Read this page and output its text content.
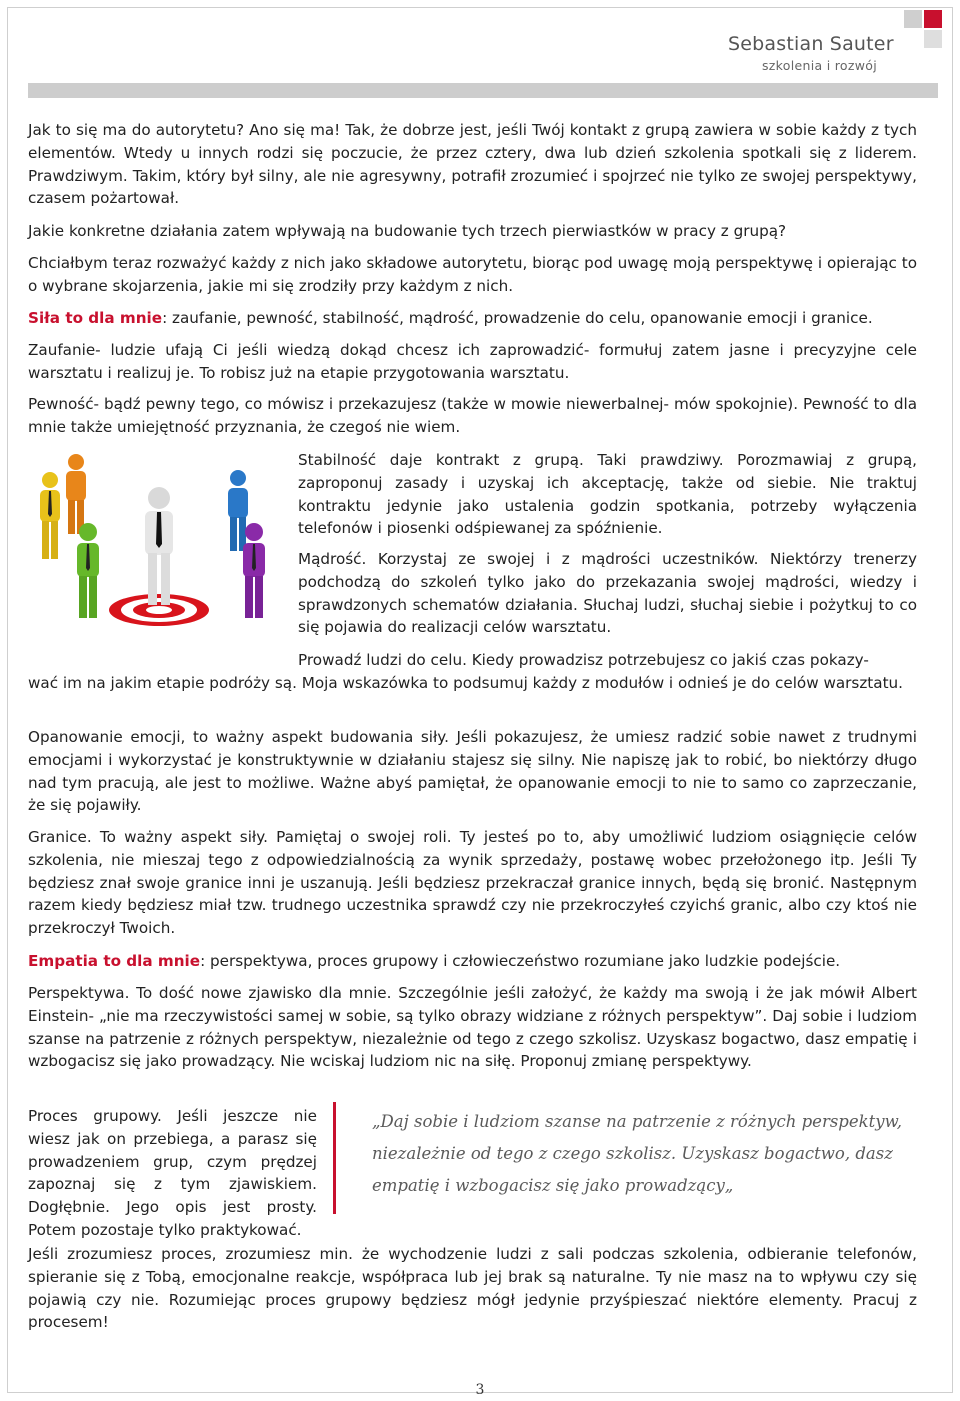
Sebastian Sauter
szkolenia i rozwój

Jak to się ma do autorytetu? Ano się ma! Tak, że dobrze jest, jeśli Twój kontakt z grupą zawiera w sobie każdy z tych elementów. Wtedy u innych rodzi się poczucie, że przez cztery, dwa lub dzień szkolenia spotkali się z liderem. Prawdziwym. Takim, który był silny, ale nie agresywny, potrafił zrozumieć i spojrzeć nie tylko ze swojej perspektywy, czasem pożartował.

Jakie konkretne działania zatem wpływają na budowanie tych trzech pierwiastków w pracy z grupą?

Chciałbym teraz rozważyć każdy z nich jako składowe autorytetu, biorąc pod uwagę moją perspektywę i opierając to o wybrane skojarzenia, jakie mi się zrodziły przy każdym z nich.

Siła to dla mnie: zaufanie, pewność, stabilność, mądrość, prowadzenie do celu, opanowanie emocji i granice.

Zaufanie- ludzie ufają Ci jeśli wiedzą dokąd chcesz ich zaprowadzić- formułuj zatem jasne i precyzyjne cele warsztatu i realizuj je. To robisz już na etapie przygotowania warsztatu.

Pewność- bądź pewny tego, co mówisz i przekazujesz (także w mowie niewerbalnej- mów spokojnie). Pewność to dla mnie także umiejętność przyznania, że czegoś nie wiem.

Stabilność daje kontrakt z grupą. Taki prawdziwy. Porozmawiaj z grupą, zaproponuj zasady i uzyskaj ich akceptację, także od siebie. Nie traktuj kontraktu jedynie jako ustalenia godzin spotkania, potrzeby wyłączenia telefonów i piosenki odśpiewanej za spóźnienie.

Mądrość. Korzystaj ze swojej i z mądrości uczestników. Niektórzy trenerzy podchodzą do szkoleń tylko jako do przekazania swojej mądrości, wiedzy i sprawdzonych schematów działania. Słuchaj ludzi, słuchaj siebie i pożytkuj to co się pojawia do realizacji celów warsztatu.

Prowadź ludzi do celu. Kiedy prowadzisz potrzebujesz co jakiś czas pokazy-

wać im na jakim etapie podróży są. Moja wskazówka to podsumuj każdy z modułów i odnieś je do celów warsztatu.

Opanowanie emocji, to ważny aspekt budowania siły. Jeśli pokazujesz, że umiesz radzić sobie nawet z trudnymi emocjami i wykorzystać je konstruktywnie w działaniu stajesz się silny. Nie napiszę jak to robić, bo niektórzy długo nad tym pracują, ale jest to możliwe. Ważne abyś pamiętał, że opanowanie emocji to nie to samo co zaprzeczanie, że się pojawiły.

Granice. To ważny aspekt siły. Pamiętaj o swojej roli. Ty jesteś po to, aby umożliwić ludziom osiągnięcie celów szkolenia, nie mieszaj tego z odpowiedzialnością za wynik sprzedaży, postawę wobec przełożonego itp. Jeśli Ty będziesz znał swoje granice inni je uszanują. Jeśli będziesz przekraczał granice innych, będą się bronić. Następnym razem kiedy będziesz miał tzw. trudnego uczestnika sprawdź czy nie przekroczyłeś czyichś granic, albo czy ktoś nie przekroczył Twoich.

Empatia to dla mnie: perspektywa, proces grupowy i człowieczeństwo rozumiane jako ludzkie podejście.

Perspektywa. To dość nowe zjawisko dla mnie. Szczególnie jeśli założyć, że każdy ma swoją i że jak mówił Albert Einstein- „nie ma rzeczywistości samej w sobie, są tylko obrazy widziane z różnych perspektyw”. Daj sobie i ludziom szanse na patrzenie z różnych perspektyw, niezależnie od tego z czego szkolisz. Uzyskasz bogactwo, dasz empatię i wzbogacisz się jako prowadzący. Nie wciskaj ludziom nic na siłę. Proponuj zmianę perspektywy.

Proces grupowy. Jeśli jeszcze nie wiesz jak on przebiega, a parasz się prowadzeniem grup, czym prędzej zapoznaj się z tym zjawiskiem. Dogłębnie. Jego opis jest prosty. Potem pozostaje tylko praktykować.

„Daj sobie i ludziom szanse na patrzenie z różnych perspektyw, niezależnie od tego z czego szkolisz. Uzyskasz bogactwo, dasz empatię i wzbogacisz się jako prowadzący„

Jeśli zrozumiesz proces, zrozumiesz min. że wychodzenie ludzi z sali podczas szkolenia, odbieranie telefonów, spieranie się z Tobą, emocjonalne reakcje, współpraca lub jej brak są naturalne. Ty nie masz na to wpływu czy się pojawią czy nie. Rozumiejąc proces grupowy będziesz mógł jedynie przyśpieszać niektóre elementy. Pracuj z procesem!

3
